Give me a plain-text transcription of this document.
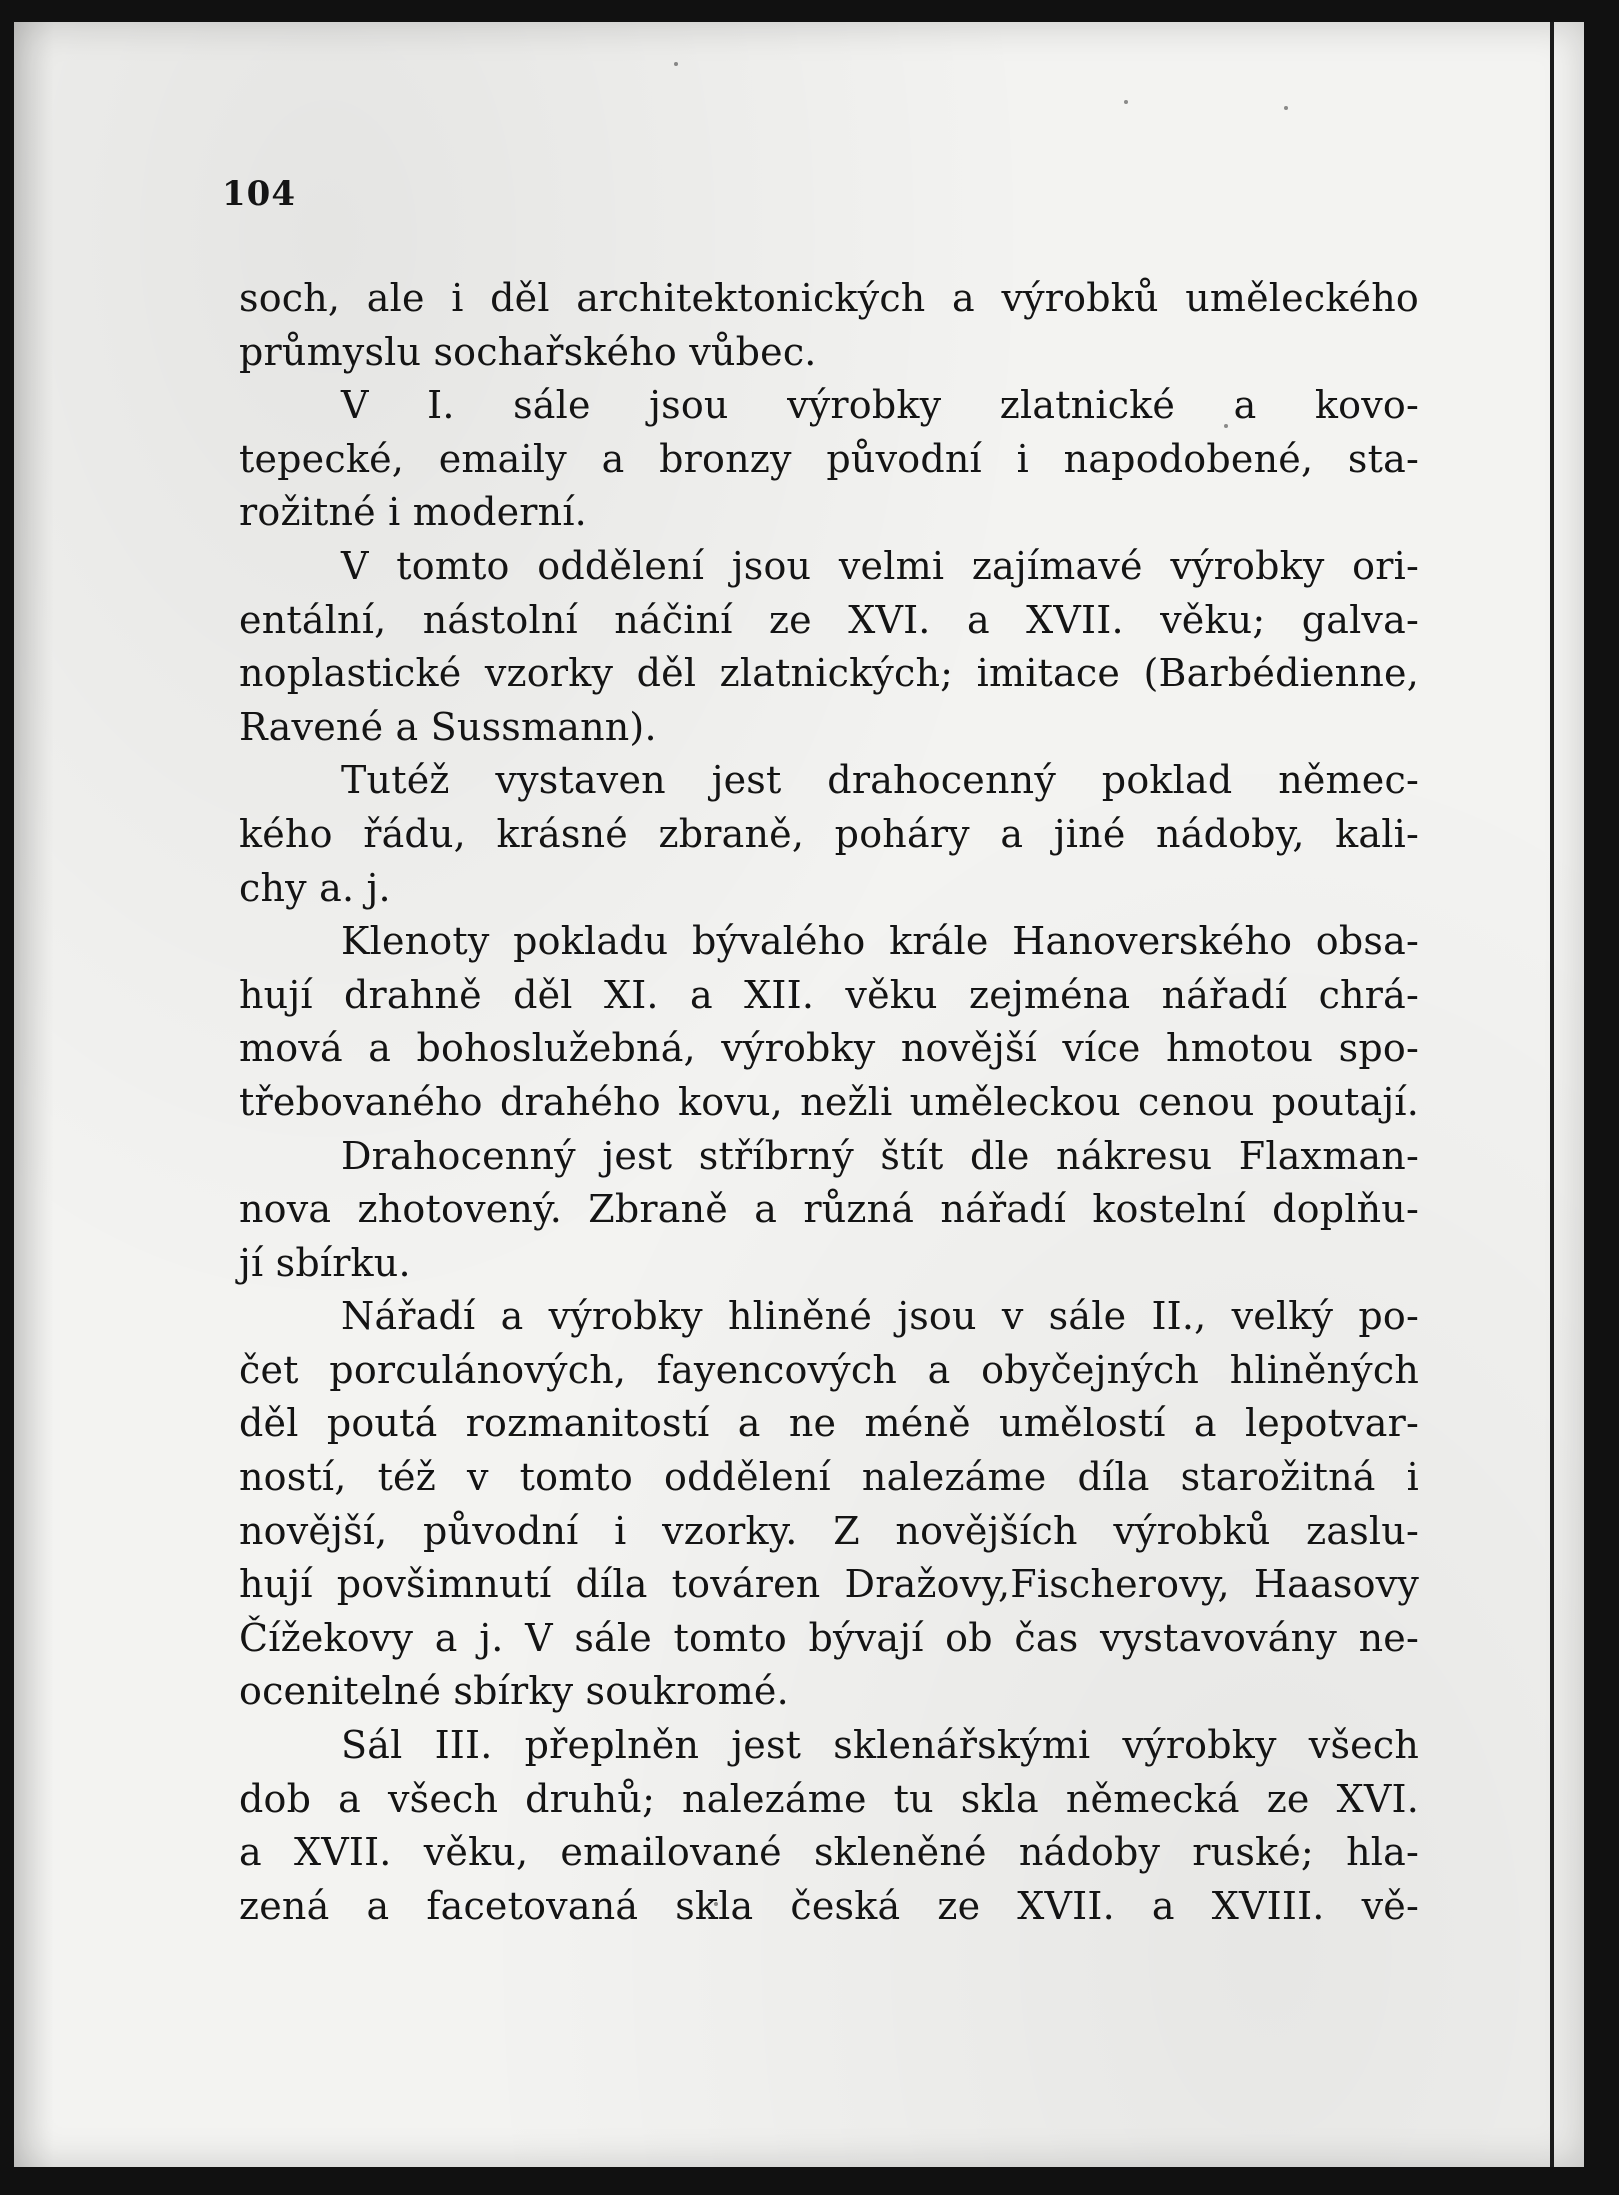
104
soch, ale i děl architektonických a výrobků uměleckého
průmyslu sochařského vůbec.
V I. sále jsou výrobky zlatnické a kovo-
tepecké, emaily a bronzy původní i napodobené, sta-
rožitné i moderní.
V tomto oddělení jsou velmi zajímavé výrobky ori-
entální, nástolní náčiní ze XVI. a XVII. věku; galva-
noplastické vzorky děl zlatnických; imitace (Barbédienne,
Ravené a Sussmann).
Tutéž vystaven jest drahocenný poklad němec-
kého řádu, krásné zbraně, poháry a jiné nádoby, kali-
chy a. j.
Klenoty pokladu bývalého krále Hanoverského obsa-
hují drahně děl XI. a XII. věku zejména nářadí chrá-
mová a bohoslužebná, výrobky novější více hmotou spo-
třebovaného drahého kovu, nežli uměleckou cenou poutají.
Drahocenný jest stříbrný štít dle nákresu Flaxman-
nova zhotovený. Zbraně a různá nářadí kostelní doplňu-
jí sbírku.
Nářadí a výrobky hliněné jsou v sále II., velký po-
čet porculánových, fayencových a obyčejných hliněných
děl poutá rozmanitostí a ne méně umělostí a lepotvar-
ností, též v tomto oddělení nalezáme díla starožitná i
novější, původní i vzorky. Z novějších výrobků zaslu-
hují povšimnutí díla továren Dražovy,Fischerovy, Haasovy
Čížekovy a j. V sále tomto bývají ob čas vystavovány ne-
ocenitelné sbírky soukromé.
Sál III. přeplněn jest sklenářskými výrobky všech
dob a všech druhů; nalezáme tu skla německá ze XVI.
a XVII. věku, emailované skleněné nádoby ruské; hla-
zená a facetovaná skla česká ze XVII. a XVIII. vě-
